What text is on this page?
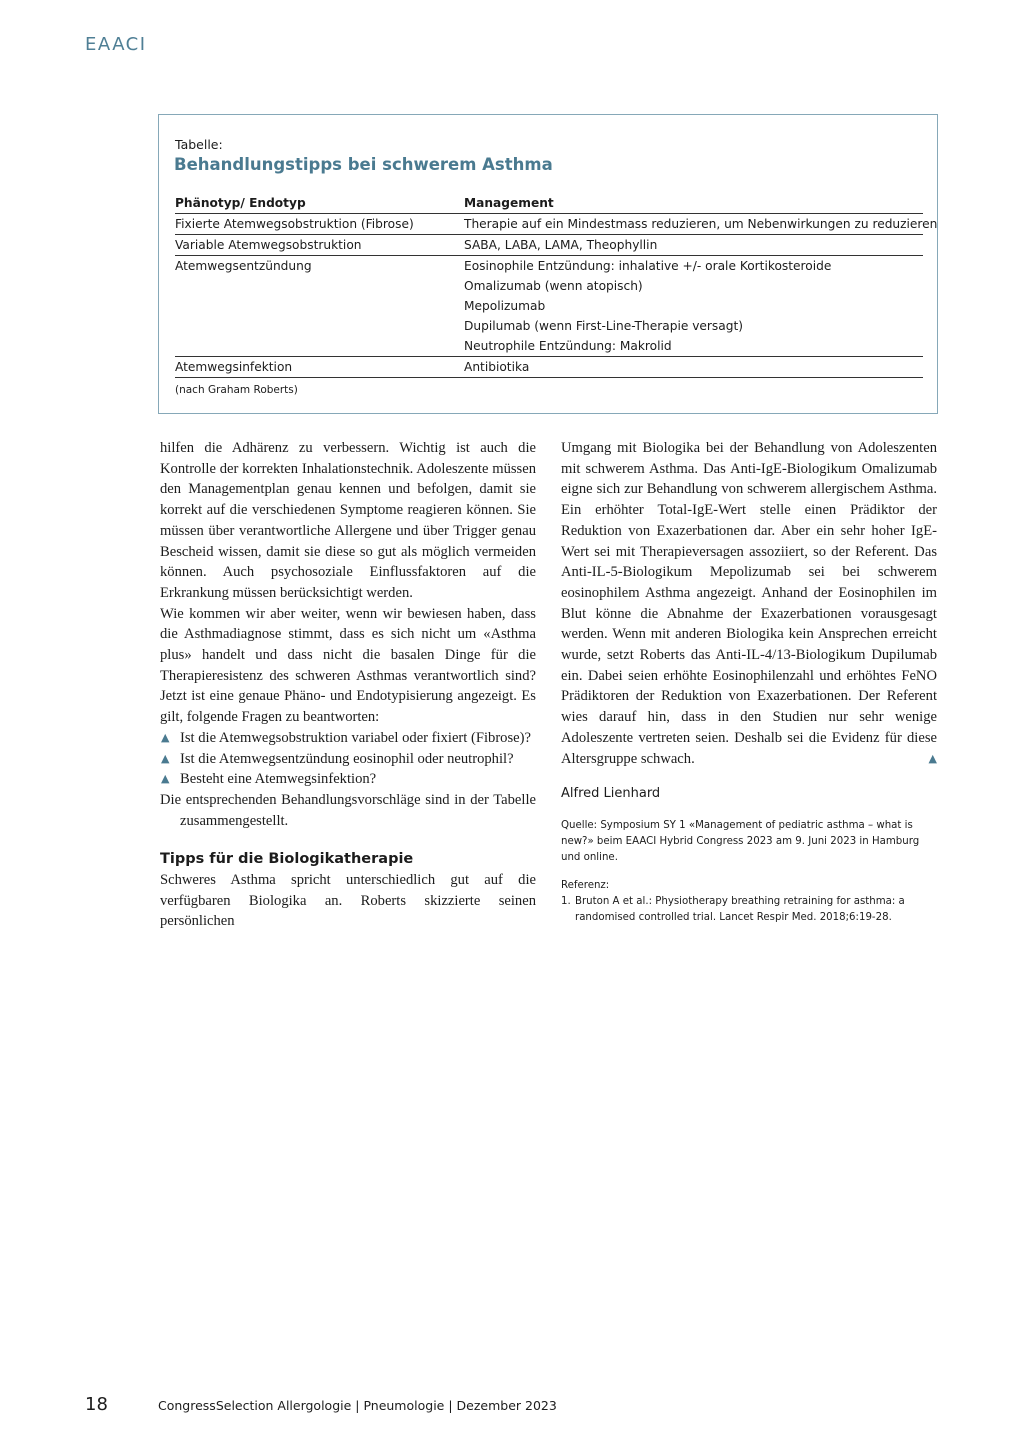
EAACI
Tabelle:
Behandlungstipps bei schwerem Asthma
Phänotyp/ Endotyp	Management
Fixierte Atemwegsobstruktion (Fibrose)	Therapie auf ein Mindestmass reduzieren, um Nebenwirkungen zu reduzieren
Variable Atemwegsobstruktion	SABA, LABA, LAMA, Theophyllin
Atemwegsentzündung	Eosinophile Entzündung: inhalative +/- orale Kortikosteroide
Omalizumab (wenn atopisch)
Mepolizumab
Dupilumab (wenn First-Line-Therapie versagt)
Neutrophile Entzündung: Makrolid
Atemwegsinfektion	Antibiotika
(nach Graham Roberts)

hilfen die Adhärenz zu verbessern. Wichtig ist auch die Kontrolle der korrekten Inhalationstechnik. Adoleszente müssen den Managementplan genau kennen und befolgen, damit sie korrekt auf die verschiedenen Symptome reagieren können. Sie müssen über verantwortliche Allergene und über Trigger genau Bescheid wissen, damit sie diese so gut als möglich vermeiden können. Auch psychosoziale Einflussfaktoren auf die Erkrankung müssen berücksichtigt werden.

Wie kommen wir aber weiter, wenn wir bewiesen haben, dass die Asthmadiagnose stimmt, dass es sich nicht um «Asthma plus» handelt und dass nicht die basalen Dinge für die Therapieresistenz des schweren Asthmas verantwortlich sind? Jetzt ist eine genaue Phäno- und Endotypisierung angezeigt. Es gilt, folgende Fragen zu beantworten:

▲ Ist die Atemwegsobstruktion variabel oder fixiert (Fibrose)?

▲ Ist die Atemwegsentzündung eosinophil oder neutrophil?

▲ Besteht eine Atemwegsinfektion?

Die entsprechenden Behandlungsvorschläge sind in der Tabelle zusammengestellt.

Tipps für die Biologikatherapie

Schweres Asthma spricht unterschiedlich gut auf die verfügbaren Biologika an. Roberts skizzierte seinen persönlichen

Umgang mit Biologika bei der Behandlung von Adoleszenten mit schwerem Asthma. Das Anti-IgE-Biologikum Omalizumab eigne sich zur Behandlung von schwerem allergischem Asthma. Ein erhöhter Total-IgE-Wert stelle einen Prädiktor der Reduktion von Exazerbationen dar. Aber ein sehr hoher IgE-Wert sei mit Therapieversagen assoziiert, so der Referent. Das Anti-IL-5-Biologikum Mepolizumab sei bei schwerem eosinophilem Asthma angezeigt. Anhand der Eosinophilen im Blut könne die Abnahme der Exazerbationen vorausgesagt werden. Wenn mit anderen Biologika kein Ansprechen erreicht wurde, setzt Roberts das Anti-IL-4/13-Biologikum Dupilumab ein. Dabei seien erhöhte Eosinophilenzahl und erhöhtes FeNO Prädiktoren der Reduktion von Exazerbationen. Der Referent wies darauf hin, dass in den Studien nur sehr wenige Adoleszente vertreten seien. Deshalb sei die Evidenz für diese Altersgruppe schwach.	▲

Alfred Lienhard

Quelle: Symposium SY 1 «Management of pediatric asthma – what is new?» beim EAACI Hybrid Congress 2023 am 9. Juni 2023 in Hamburg und online.

Referenz:

1. Bruton A et al.: Physiotherapy breathing retraining for asthma: a randomised controlled trial. Lancet Respir Med. 2018;6:19-28.

18	CongressSelection Allergologie | Pneumologie | Dezember 2023
